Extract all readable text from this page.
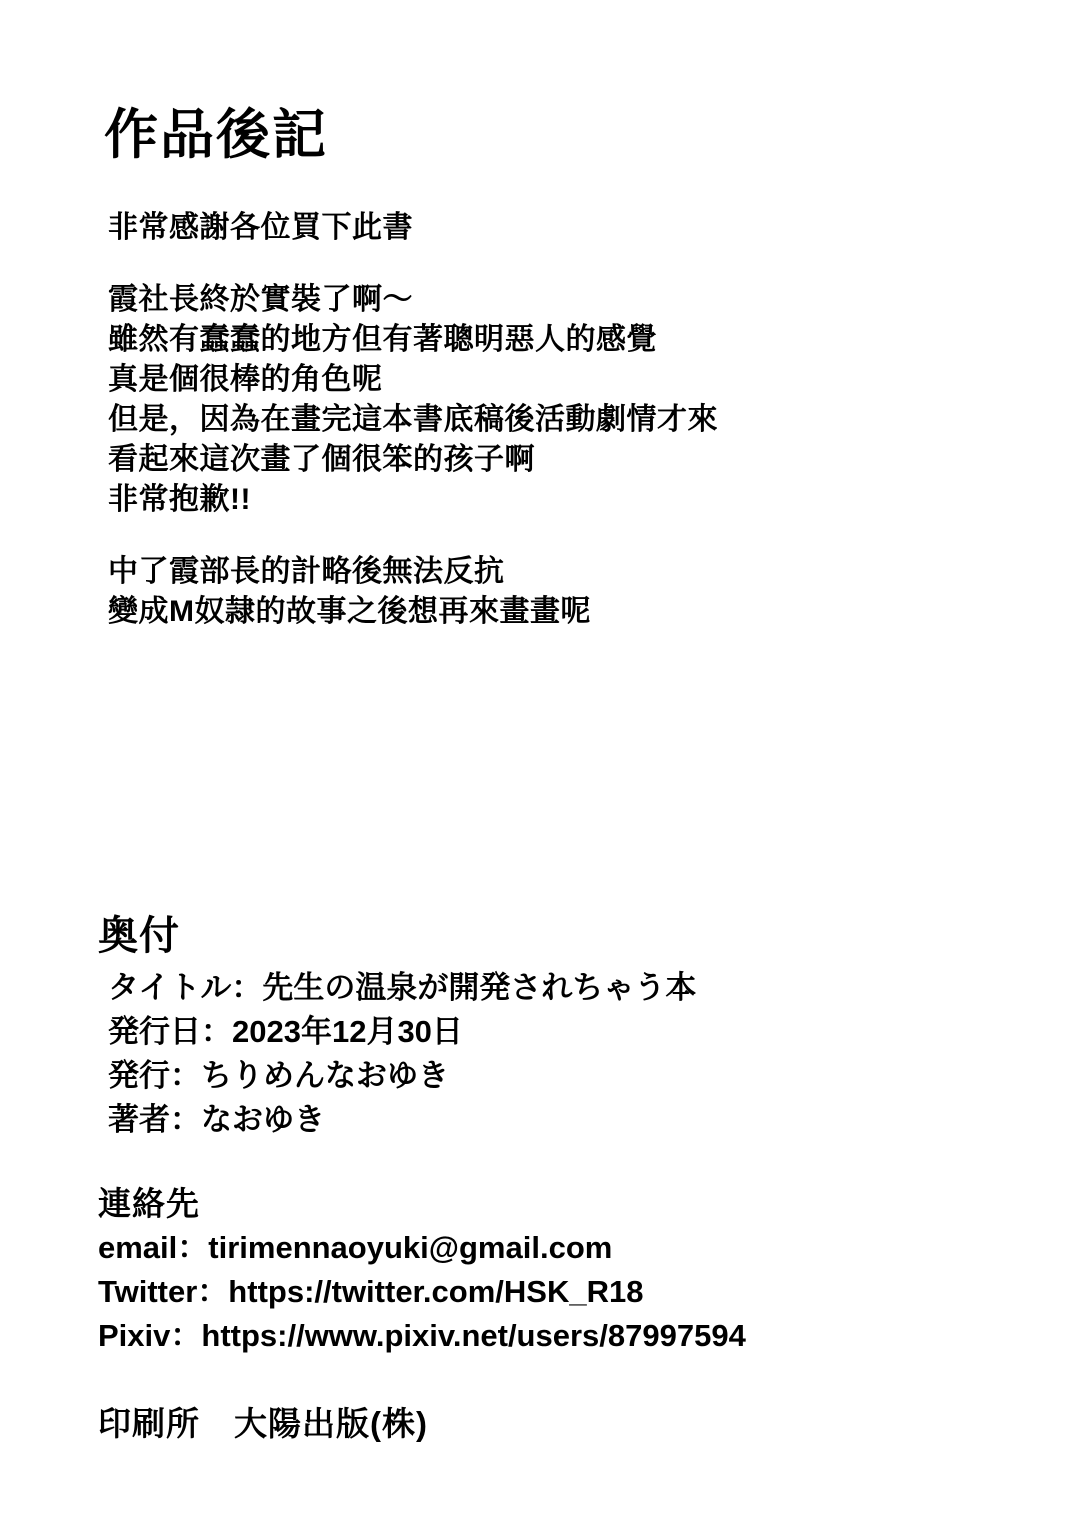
作品後記

非常感謝各位買下此書

霞社長終於實裝了啊～

雖然有蠢蠢的地方但有著聰明惡人的感覺

真是個很棒的角色呢

但是，因為在畫完這本書底稿後活動劇情才來

看起來這次畫了個很笨的孩子啊

非常抱歉!!

中了霞部長的計略後無法反抗

變成M奴隷的故事之後想再來畫畫呢

奥付
タイトル：先生の温泉が開発されちゃう本
発行日：2023年12月30日
発行：ちりめんなおゆき
著者：なおゆき
連絡先
email：tirimennaoyuki@gmail.com
Twitter：https://twitter.com/HSK_R18
Pixiv：https://www.pixiv.net/users/87997594
印刷所　大陽出版(株)
